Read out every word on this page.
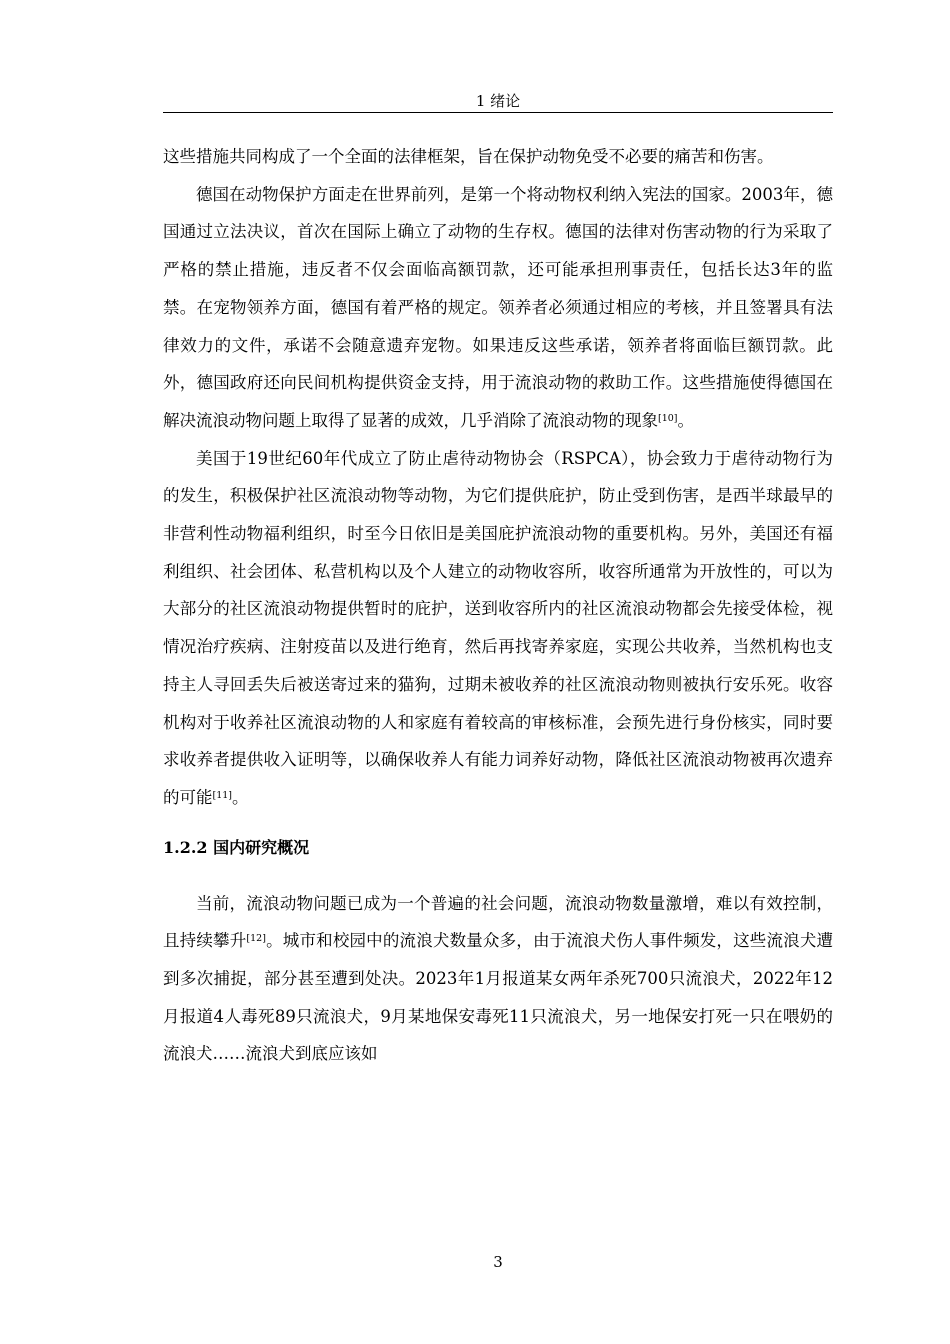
1 绪论

这些措施共同构成了一个全面的法律框架，旨在保护动物免受不必要的痛苦和伤害。

德国在动物保护方面走在世界前列，是第一个将动物权利纳入宪法的国家。2003年，德国通过立法决议，首次在国际上确立了动物的生存权。德国的法律对伤害动物的行为采取了严格的禁止措施，违反者不仅会面临高额罚款，还可能承担刑事责任，包括长达3年的监禁。在宠物领养方面，德国有着严格的规定。领养者必须通过相应的考核，并且签署具有法律效力的文件，承诺不会随意遗弃宠物。如果违反这些承诺，领养者将面临巨额罚款。此外，德国政府还向民间机构提供资金支持，用于流浪动物的救助工作。这些措施使得德国在解决流浪动物问题上取得了显著的成效，几乎消除了流浪动物的现象[10]。

美国于19世纪60年代成立了防止虐待动物协会（RSPCA），协会致力于虐待动物行为的发生，积极保护社区流浪动物等动物，为它们提供庇护，防止受到伤害，是西半球最早的非营利性动物福利组织，时至今日依旧是美国庇护流浪动物的重要机构。另外，美国还有福利组织、社会团体、私营机构以及个人建立的动物收容所，收容所通常为开放性的，可以为大部分的社区流浪动物提供暂时的庇护，送到收容所内的社区流浪动物都会先接受体检，视情况治疗疾病、注射疫苗以及进行绝育，然后再找寄养家庭，实现公共收养，当然机构也支持主人寻回丢失后被送寄过来的猫狗，过期未被收养的社区流浪动物则被执行安乐死。收容机构对于收养社区流浪动物的人和家庭有着较高的审核标准，会预先进行身份核实，同时要求收养者提供收入证明等，以确保收养人有能力词养好动物，降低社区流浪动物被再次遗弃的可能[11]。

1.2.2 国内研究概况

当前，流浪动物问题已成为一个普遍的社会问题，流浪动物数量激增，难以有效控制，且持续攀升[12]。城市和校园中的流浪犬数量众多，由于流浪犬伤人事件频发，这些流浪犬遭到多次捕捉，部分甚至遭到处决。2023年1月报道某女两年杀死700只流浪犬，2022年12月报道4人毒死89只流浪犬，9月某地保安毒死11只流浪犬，另一地保安打死一只在喂奶的流浪犬……流浪犬到底应该如

3
